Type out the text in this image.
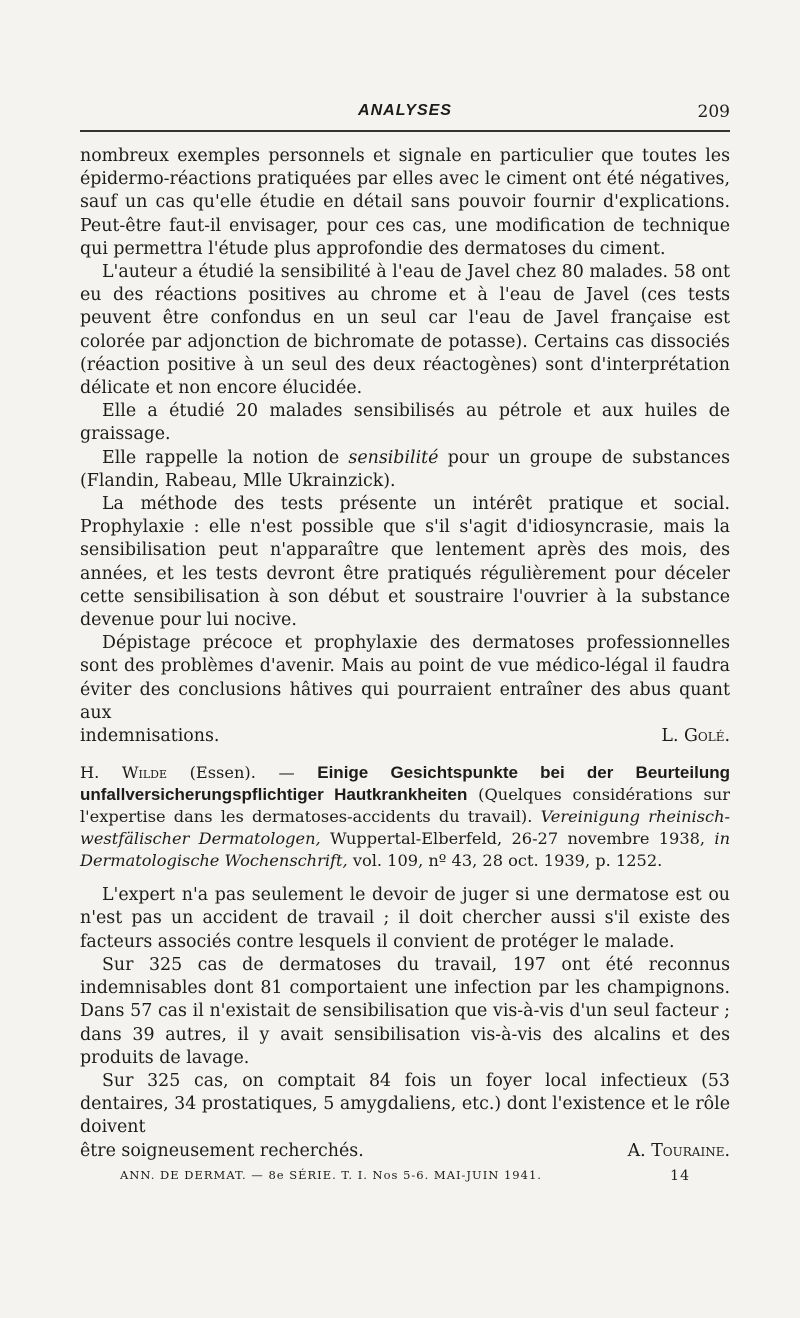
ANALYSES	209

nombreux exemples personnels et signale en particulier que toutes les épidermo-réactions pratiquées par elles avec le ciment ont été négatives, sauf un cas qu'elle étudie en détail sans pouvoir fournir d'explications. Peut-être faut-il envisager, pour ces cas, une modification de technique qui permettra l'étude plus approfondie des dermatoses du ciment.

L'auteur a étudié la sensibilité à l'eau de Javel chez 80 malades. 58 ont eu des réactions positives au chrome et à l'eau de Javel (ces tests peuvent être confondus en un seul car l'eau de Javel française est colorée par adjonction de bichromate de potasse). Certains cas dissociés (réaction positive à un seul des deux réactogènes) sont d'interprétation délicate et non encore élucidée.

Elle a étudié 20 malades sensibilisés au pétrole et aux huiles de graissage.

Elle rappelle la notion de sensibilité pour un groupe de substances (Flandin, Rabeau, Mlle Ukrainzick).

La méthode des tests présente un intérêt pratique et social. Prophylaxie : elle n'est possible que s'il s'agit d'idiosyncrasie, mais la sensibilisation peut n'apparaître que lentement après des mois, des années, et les tests devront être pratiqués régulièrement pour déceler cette sensibilisation à son début et soustraire l'ouvrier à la substance devenue pour lui nocive.

Dépistage précoce et prophylaxie des dermatoses professionnelles sont des problèmes d'avenir. Mais au point de vue médico-légal il faudra éviter des conclusions hâtives qui pourraient entraîner des abus quant aux

indemnisations.	L. Golé.
H. Wilde (Essen). — Einige Gesichtspunkte bei der Beurteilung unfallversicherungspflichtiger Hautkrankheiten (Quelques considérations sur l'expertise dans les dermatoses-accidents du travail). Vereinigung rheinisch-westfälischer Dermatologen, Wuppertal-Elberfeld, 26-27 novembre 1938, in Dermatologische Wochenschrift, vol. 109, nº 43, 28 oct. 1939, p. 1252.

L'expert n'a pas seulement le devoir de juger si une dermatose est ou n'est pas un accident de travail ; il doit chercher aussi s'il existe des facteurs associés contre lesquels il convient de protéger le malade.

Sur 325 cas de dermatoses du travail, 197 ont été reconnus indemnisables dont 81 comportaient une infection par les champignons. Dans 57 cas il n'existait de sensibilisation que vis-à-vis d'un seul facteur ; dans 39 autres, il y avait sensibilisation vis-à-vis des alcalins et des produits de lavage.

Sur 325 cas, on comptait 84 fois un foyer local infectieux (53 dentaires, 34 prostatiques, 5 amygdaliens, etc.) dont l'existence et le rôle doivent

être soigneusement recherchés.	A. Touraine.
ANN. DE DERMAT. — 8e SÉRIE. T. I. Nos 5-6. MAI-JUIN 1941.	14
